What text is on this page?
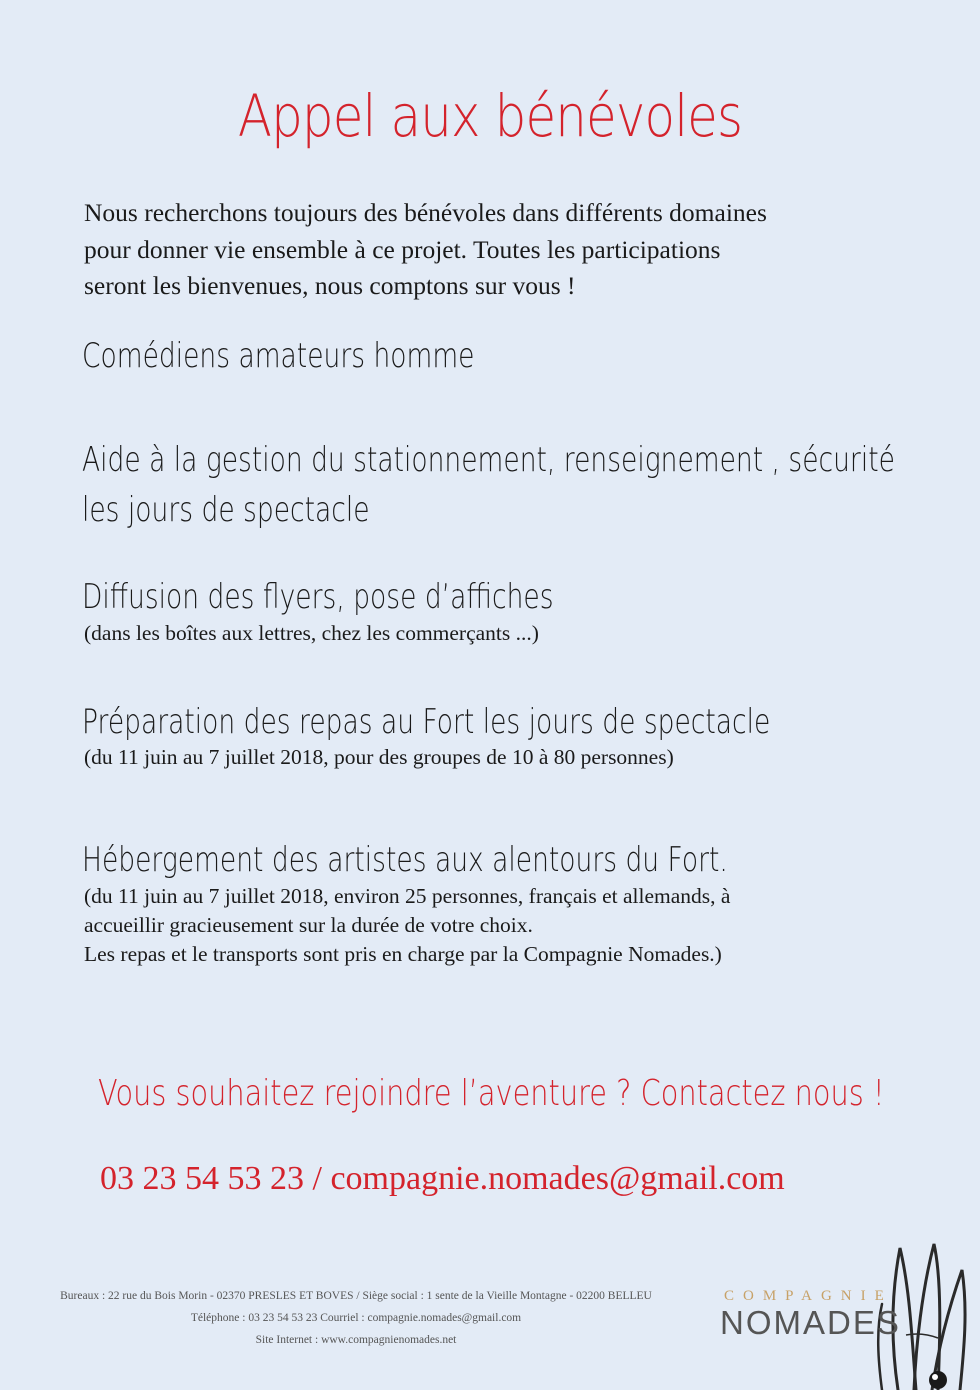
Appel aux bénévoles
Nous recherchons toujours des bénévoles dans différents domaines
pour donner vie ensemble à ce projet. Toutes les participations
seront les bienvenues, nous comptons sur vous !
Comédiens amateurs homme
Aide à la gestion du stationnement, renseignement , sécurité
les jours de spectacle
Diffusion des flyers, pose d’affiches
(dans les boîtes aux lettres, chez les commerçants ...)
Préparation des repas au Fort les jours de spectacle
(du 11 juin au 7 juillet 2018, pour des groupes de 10 à 80 personnes)
Hébergement des artistes aux alentours du Fort.
(du 11 juin au 7 juillet 2018, environ 25 personnes, français et allemands, à
accueillir gracieusement sur la durée de votre choix.
Les repas et le transports sont pris en charge par la Compagnie Nomades.)
Vous souhaitez rejoindre l’aventure ? Contactez nous !
03 23 54 53 23 / compagnie.nomades@gmail.com
Bureaux : 22 rue du Bois Morin - 02370 PRESLES ET BOVES / Siège social : 1 sente de la Vieille Montagne - 02200 BELLEU
Téléphone : 03 23 54 53 23 Courriel : compagnie.nomades@gmail.com
Site Internet : www.compagnienomades.net
COMPAGNIE
NOMADES
